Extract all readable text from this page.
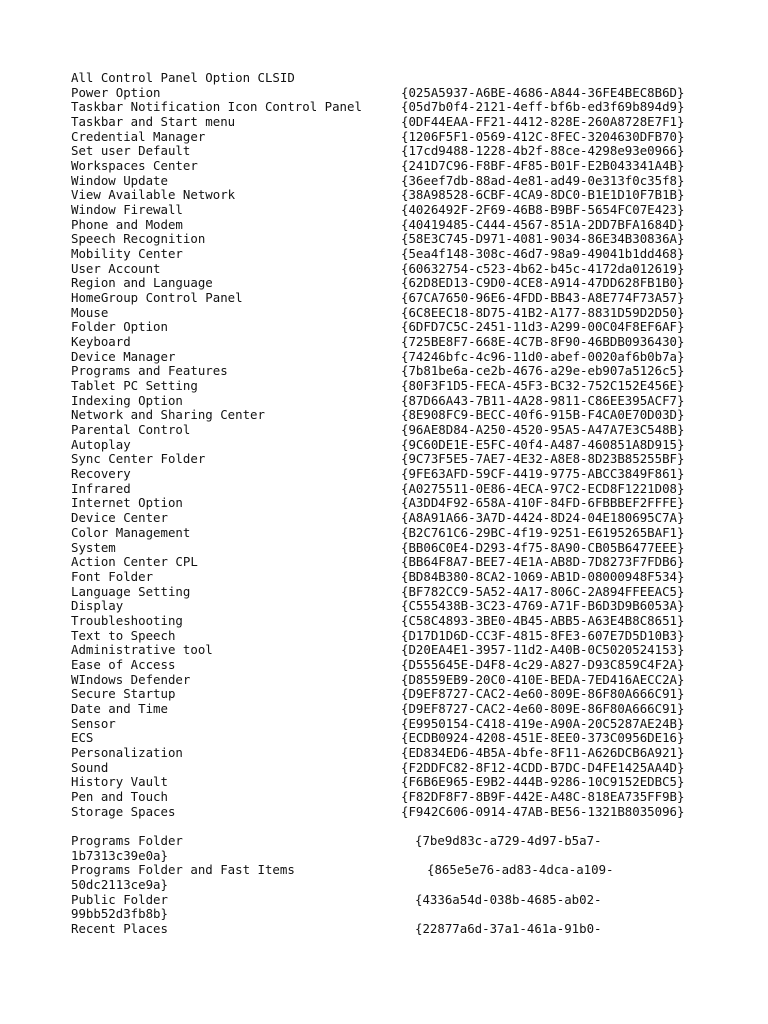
All Control Panel Option CLSID

Power Option	{025A5937-A6BE-4686-A844-36FE4BEC8B6D}
Taskbar Notification Icon Control Panel	{05d7b0f4-2121-4eff-bf6b-ed3f69b894d9}
Taskbar and Start menu	{0DF44EAA-FF21-4412-828E-260A8728E7F1}
Credential Manager	{1206F5F1-0569-412C-8FEC-3204630DFB70}
Set user Default	{17cd9488-1228-4b2f-88ce-4298e93e0966}
Workspaces Center	{241D7C96-F8BF-4F85-B01F-E2B043341A4B}
Window Update	{36eef7db-88ad-4e81-ad49-0e313f0c35f8}
View Available Network	{38A98528-6CBF-4CA9-8DC0-B1E1D10F7B1B}
Window Firewall	{4026492F-2F69-46B8-B9BF-5654FC07E423}
Phone and Modem	{40419485-C444-4567-851A-2DD7BFA1684D}
Speech Recognition	{58E3C745-D971-4081-9034-86E34B30836A}
Mobility Center	{5ea4f148-308c-46d7-98a9-49041b1dd468}
User Account	{60632754-c523-4b62-b45c-4172da012619}
Region and Language	{62D8ED13-C9D0-4CE8-A914-47DD628FB1B0}
HomeGroup Control Panel	{67CA7650-96E6-4FDD-BB43-A8E774F73A57}
Mouse	{6C8EEC18-8D75-41B2-A177-8831D59D2D50}
Folder Option	{6DFD7C5C-2451-11d3-A299-00C04F8EF6AF}
Keyboard	{725BE8F7-668E-4C7B-8F90-46BDB0936430}
Device Manager	{74246bfc-4c96-11d0-abef-0020af6b0b7a}
Programs and Features	{7b81be6a-ce2b-4676-a29e-eb907a5126c5}
Tablet PC Setting	{80F3F1D5-FECA-45F3-BC32-752C152E456E}
Indexing Option	{87D66A43-7B11-4A28-9811-C86EE395ACF7}
Network and Sharing Center	{8E908FC9-BECC-40f6-915B-F4CA0E70D03D}
Parental Control	{96AE8D84-A250-4520-95A5-A47A7E3C548B}
Autoplay	{9C60DE1E-E5FC-40f4-A487-460851A8D915}
Sync Center Folder	{9C73F5E5-7AE7-4E32-A8E8-8D23B85255BF}
Recovery	{9FE63AFD-59CF-4419-9775-ABCC3849F861}
Infrared	{A0275511-0E86-4ECA-97C2-ECD8F1221D08}
Internet Option	{A3DD4F92-658A-410F-84FD-6FBBBEF2FFFE}
Device Center	{A8A91A66-3A7D-4424-8D24-04E180695C7A}
Color Management	{B2C761C6-29BC-4f19-9251-E6195265BAF1}
System	{BB06C0E4-D293-4f75-8A90-CB05B6477EEE}
Action Center CPL	{BB64F8A7-BEE7-4E1A-AB8D-7D8273F7FDB6}
Font Folder	{BD84B380-8CA2-1069-AB1D-08000948F534}
Language Setting	{BF782CC9-5A52-4A17-806C-2A894FFEEAC5}
Display	{C555438B-3C23-4769-A71F-B6D3D9B6053A}
Troubleshooting	{C58C4893-3BE0-4B45-ABB5-A63E4B8C8651}
Text to Speech	{D17D1D6D-CC3F-4815-8FE3-607E7D5D10B3}
Administrative tool	{D20EA4E1-3957-11d2-A40B-0C5020524153}
Ease of Access	{D555645E-D4F8-4c29-A827-D93C859C4F2A}
WIndows Defender	{D8559EB9-20C0-410E-BEDA-7ED416AECC2A}
Secure Startup	{D9EF8727-CAC2-4e60-809E-86F80A666C91}
Date and Time	{D9EF8727-CAC2-4e60-809E-86F80A666C91}
Sensor	{E9950154-C418-419e-A90A-20C5287AE24B}
ECS	{ECDB0924-4208-451E-8EE0-373C0956DE16}
Personalization	{ED834ED6-4B5A-4bfe-8F11-A626DCB6A921}
Sound	{F2DDFC82-8F12-4CDD-B7DC-D4FE1425AA4D}
History Vault	{F6B6E965-E9B2-444B-9286-10C9152EDBC5}
Pen and Touch	{F82DF8F7-8B9F-442E-A48C-818EA735FF9B}
Storage Spaces	{F942C606-0914-47AB-BE56-1321B8035096}
Programs Folder	{7be9d83c-a729-4d97-b5a7-
1b7313c39e0a}
Programs Folder and Fast Items	{865e5e76-ad83-4dca-a109-
50dc2113ce9a}
Public Folder	{4336a54d-038b-4685-ab02-
99bb52d3fb8b}
Recent Places	{22877a6d-37a1-461a-91b0-
